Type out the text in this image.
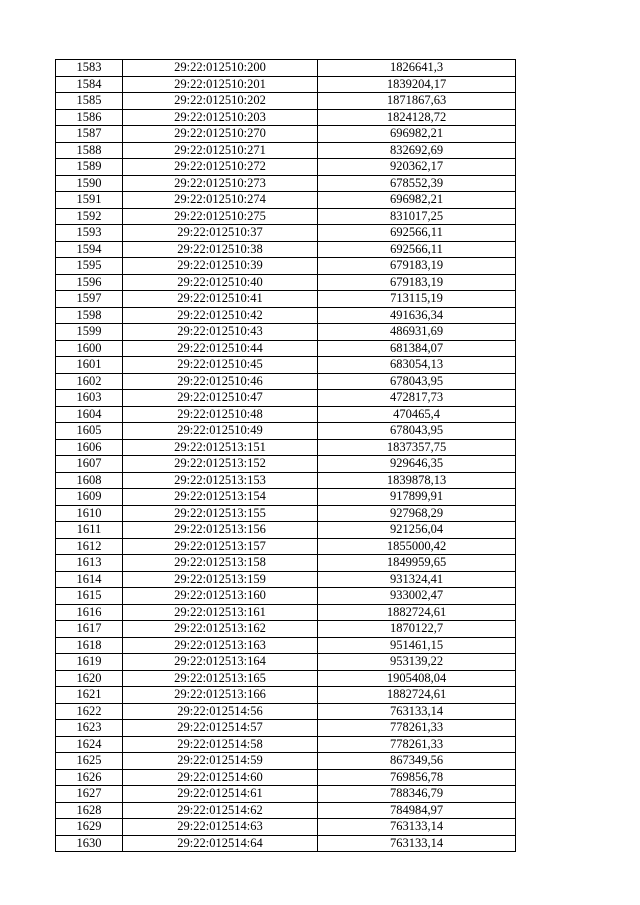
1583	29:22:012510:200	1826641,3
1584	29:22:012510:201	1839204,17
1585	29:22:012510:202	1871867,63
1586	29:22:012510:203	1824128,72
1587	29:22:012510:270	696982,21
1588	29:22:012510:271	832692,69
1589	29:22:012510:272	920362,17
1590	29:22:012510:273	678552,39
1591	29:22:012510:274	696982,21
1592	29:22:012510:275	831017,25
1593	29:22:012510:37	692566,11
1594	29:22:012510:38	692566,11
1595	29:22:012510:39	679183,19
1596	29:22:012510:40	679183,19
1597	29:22:012510:41	713115,19
1598	29:22:012510:42	491636,34
1599	29:22:012510:43	486931,69
1600	29:22:012510:44	681384,07
1601	29:22:012510:45	683054,13
1602	29:22:012510:46	678043,95
1603	29:22:012510:47	472817,73
1604	29:22:012510:48	470465,4
1605	29:22:012510:49	678043,95
1606	29:22:012513:151	1837357,75
1607	29:22:012513:152	929646,35
1608	29:22:012513:153	1839878,13
1609	29:22:012513:154	917899,91
1610	29:22:012513:155	927968,29
1611	29:22:012513:156	921256,04
1612	29:22:012513:157	1855000,42
1613	29:22:012513:158	1849959,65
1614	29:22:012513:159	931324,41
1615	29:22:012513:160	933002,47
1616	29:22:012513:161	1882724,61
1617	29:22:012513:162	1870122,7
1618	29:22:012513:163	951461,15
1619	29:22:012513:164	953139,22
1620	29:22:012513:165	1905408,04
1621	29:22:012513:166	1882724,61
1622	29:22:012514:56	763133,14
1623	29:22:012514:57	778261,33
1624	29:22:012514:58	778261,33
1625	29:22:012514:59	867349,56
1626	29:22:012514:60	769856,78
1627	29:22:012514:61	788346,79
1628	29:22:012514:62	784984,97
1629	29:22:012514:63	763133,14
1630	29:22:012514:64	763133,14
